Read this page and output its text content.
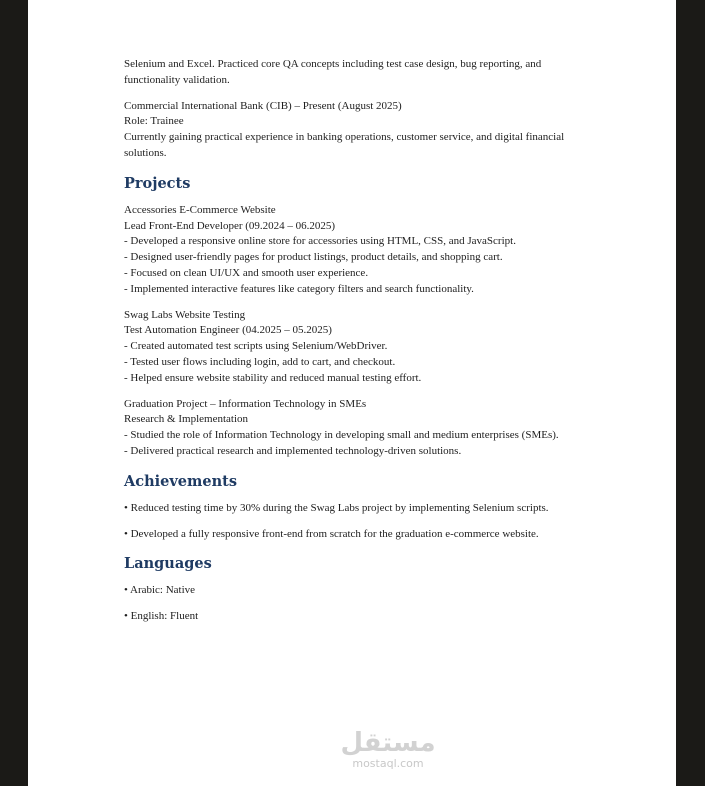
Selenium and Excel. Practiced core QA concepts including test case design, bug reporting, and functionality validation.

Commercial International Bank (CIB) – Present (August 2025)

Role: Trainee

Currently gaining practical experience in banking operations, customer service, and digital financial solutions.

Projects

Accessories E-Commerce Website

Lead Front-End Developer (09.2024 – 06.2025)

- Developed a responsive online store for accessories using HTML, CSS, and JavaScript.

- Designed user-friendly pages for product listings, product details, and shopping cart.

- Focused on clean UI/UX and smooth user experience.

- Implemented interactive features like category filters and search functionality.

Swag Labs Website Testing

Test Automation Engineer (04.2025 – 05.2025)

- Created automated test scripts using Selenium/WebDriver.

- Tested user flows including login, add to cart, and checkout.

- Helped ensure website stability and reduced manual testing effort.

Graduation Project – Information Technology in SMEs

Research & Implementation

- Studied the role of Information Technology in developing small and medium enterprises (SMEs).

- Delivered practical research and implemented technology-driven solutions.

Achievements

• Reduced testing time by 30% during the Swag Labs project by implementing Selenium scripts.

• Developed a fully responsive front-end from scratch for the graduation e-commerce website.

Languages

• Arabic: Native

• English: Fluent

مستقل
mostaql.com
